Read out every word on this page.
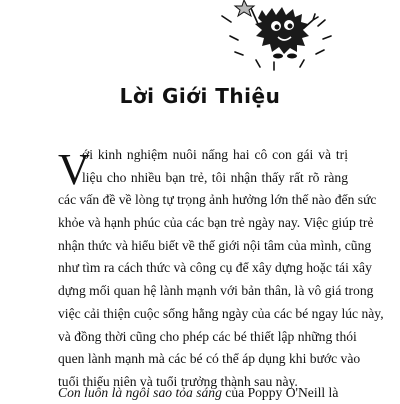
Lời Giới Thiệu
V
ới kinh nghiệm nuôi nấng hai cô con gái và trị
liệu cho nhiều bạn trẻ, tôi nhận thấy rất rõ ràng
các vấn đề về lòng tự trọng ảnh hưởng lớn thế nào đến sức
khỏe và hạnh phúc của các bạn trẻ ngày nay. Việc giúp trẻ
nhận thức và hiểu biết về thế giới nội tâm của mình, cũng
như tìm ra cách thức và công cụ để xây dựng hoặc tái xây
dựng mối quan hệ lành mạnh với bản thân, là vô giá trong
việc cải thiện cuộc sống hằng ngày của các bé ngay lúc này,
và đồng thời cũng cho phép các bé thiết lập những thói
quen lành mạnh mà các bé có thể áp dụng khi bước vào
tuổi thiếu niên và tuổi trưởng thành sau này.
Con luôn là ngôi sao tỏa sáng của Poppy O'Neill là
